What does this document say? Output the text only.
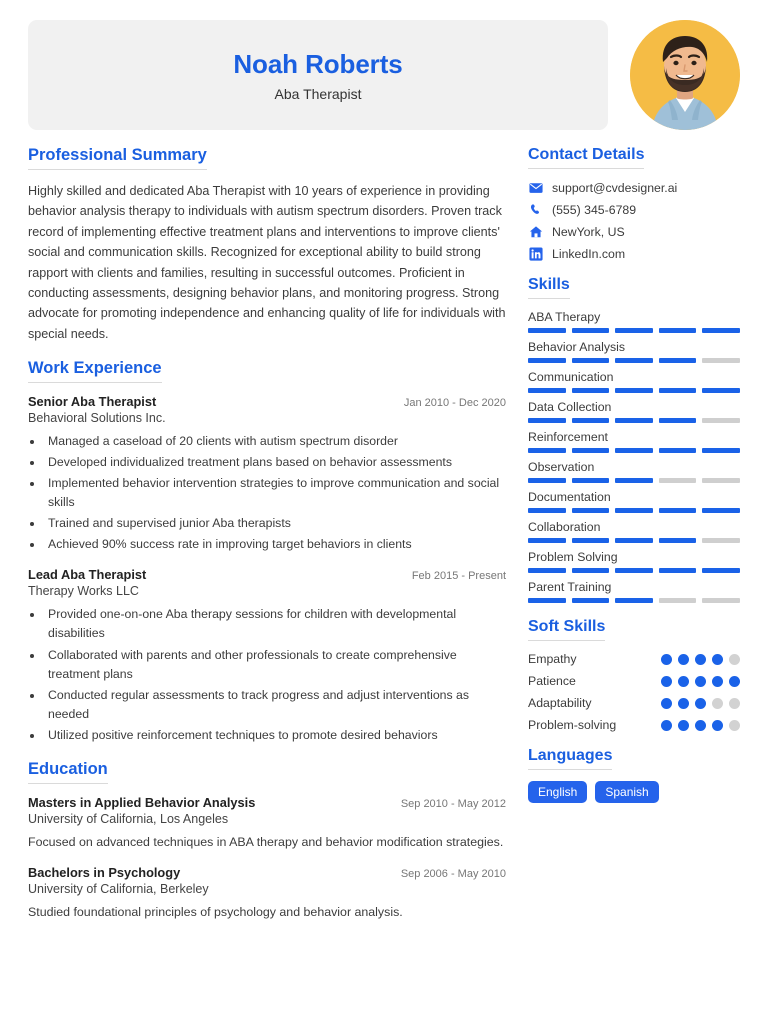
Noah Roberts
Aba Therapist
Professional Summary
Highly skilled and dedicated Aba Therapist with 10 years of experience in providing behavior analysis therapy to individuals with autism spectrum disorders. Proven track record of implementing effective treatment plans and interventions to improve clients' social and communication skills. Recognized for exceptional ability to build strong rapport with clients and families, resulting in successful outcomes. Proficient in conducting assessments, designing behavior plans, and monitoring progress. Strong advocate for promoting independence and enhancing quality of life for individuals with special needs.
Work Experience
Senior Aba Therapist	Jan 2010 - Dec 2020
Behavioral Solutions Inc.
• Managed a caseload of 20 clients with autism spectrum disorder
• Developed individualized treatment plans based on behavior assessments
• Implemented behavior intervention strategies to improve communication and social skills
• Trained and supervised junior Aba therapists
• Achieved 90% success rate in improving target behaviors in clients
Lead Aba Therapist	Feb 2015 - Present
Therapy Works LLC
• Provided one-on-one Aba therapy sessions for children with developmental disabilities
• Collaborated with parents and other professionals to create comprehensive treatment plans
• Conducted regular assessments to track progress and adjust interventions as needed
• Utilized positive reinforcement techniques to promote desired behaviors
Education
Masters in Applied Behavior Analysis	Sep 2010 - May 2012
University of California, Los Angeles
Focused on advanced techniques in ABA therapy and behavior modification strategies.
Bachelors in Psychology	Sep 2006 - May 2010
University of California, Berkeley
Studied foundational principles of psychology and behavior analysis.
Contact Details
support@cvdesigner.ai
(555) 345-6789
NewYork, US
LinkedIn.com
Skills
ABA Therapy
Behavior Analysis
Communication
Data Collection
Reinforcement
Observation
Documentation
Collaboration
Problem Solving
Parent Training
Soft Skills
Empathy
Patience
Adaptability
Problem-solving
Languages
English	Spanish
